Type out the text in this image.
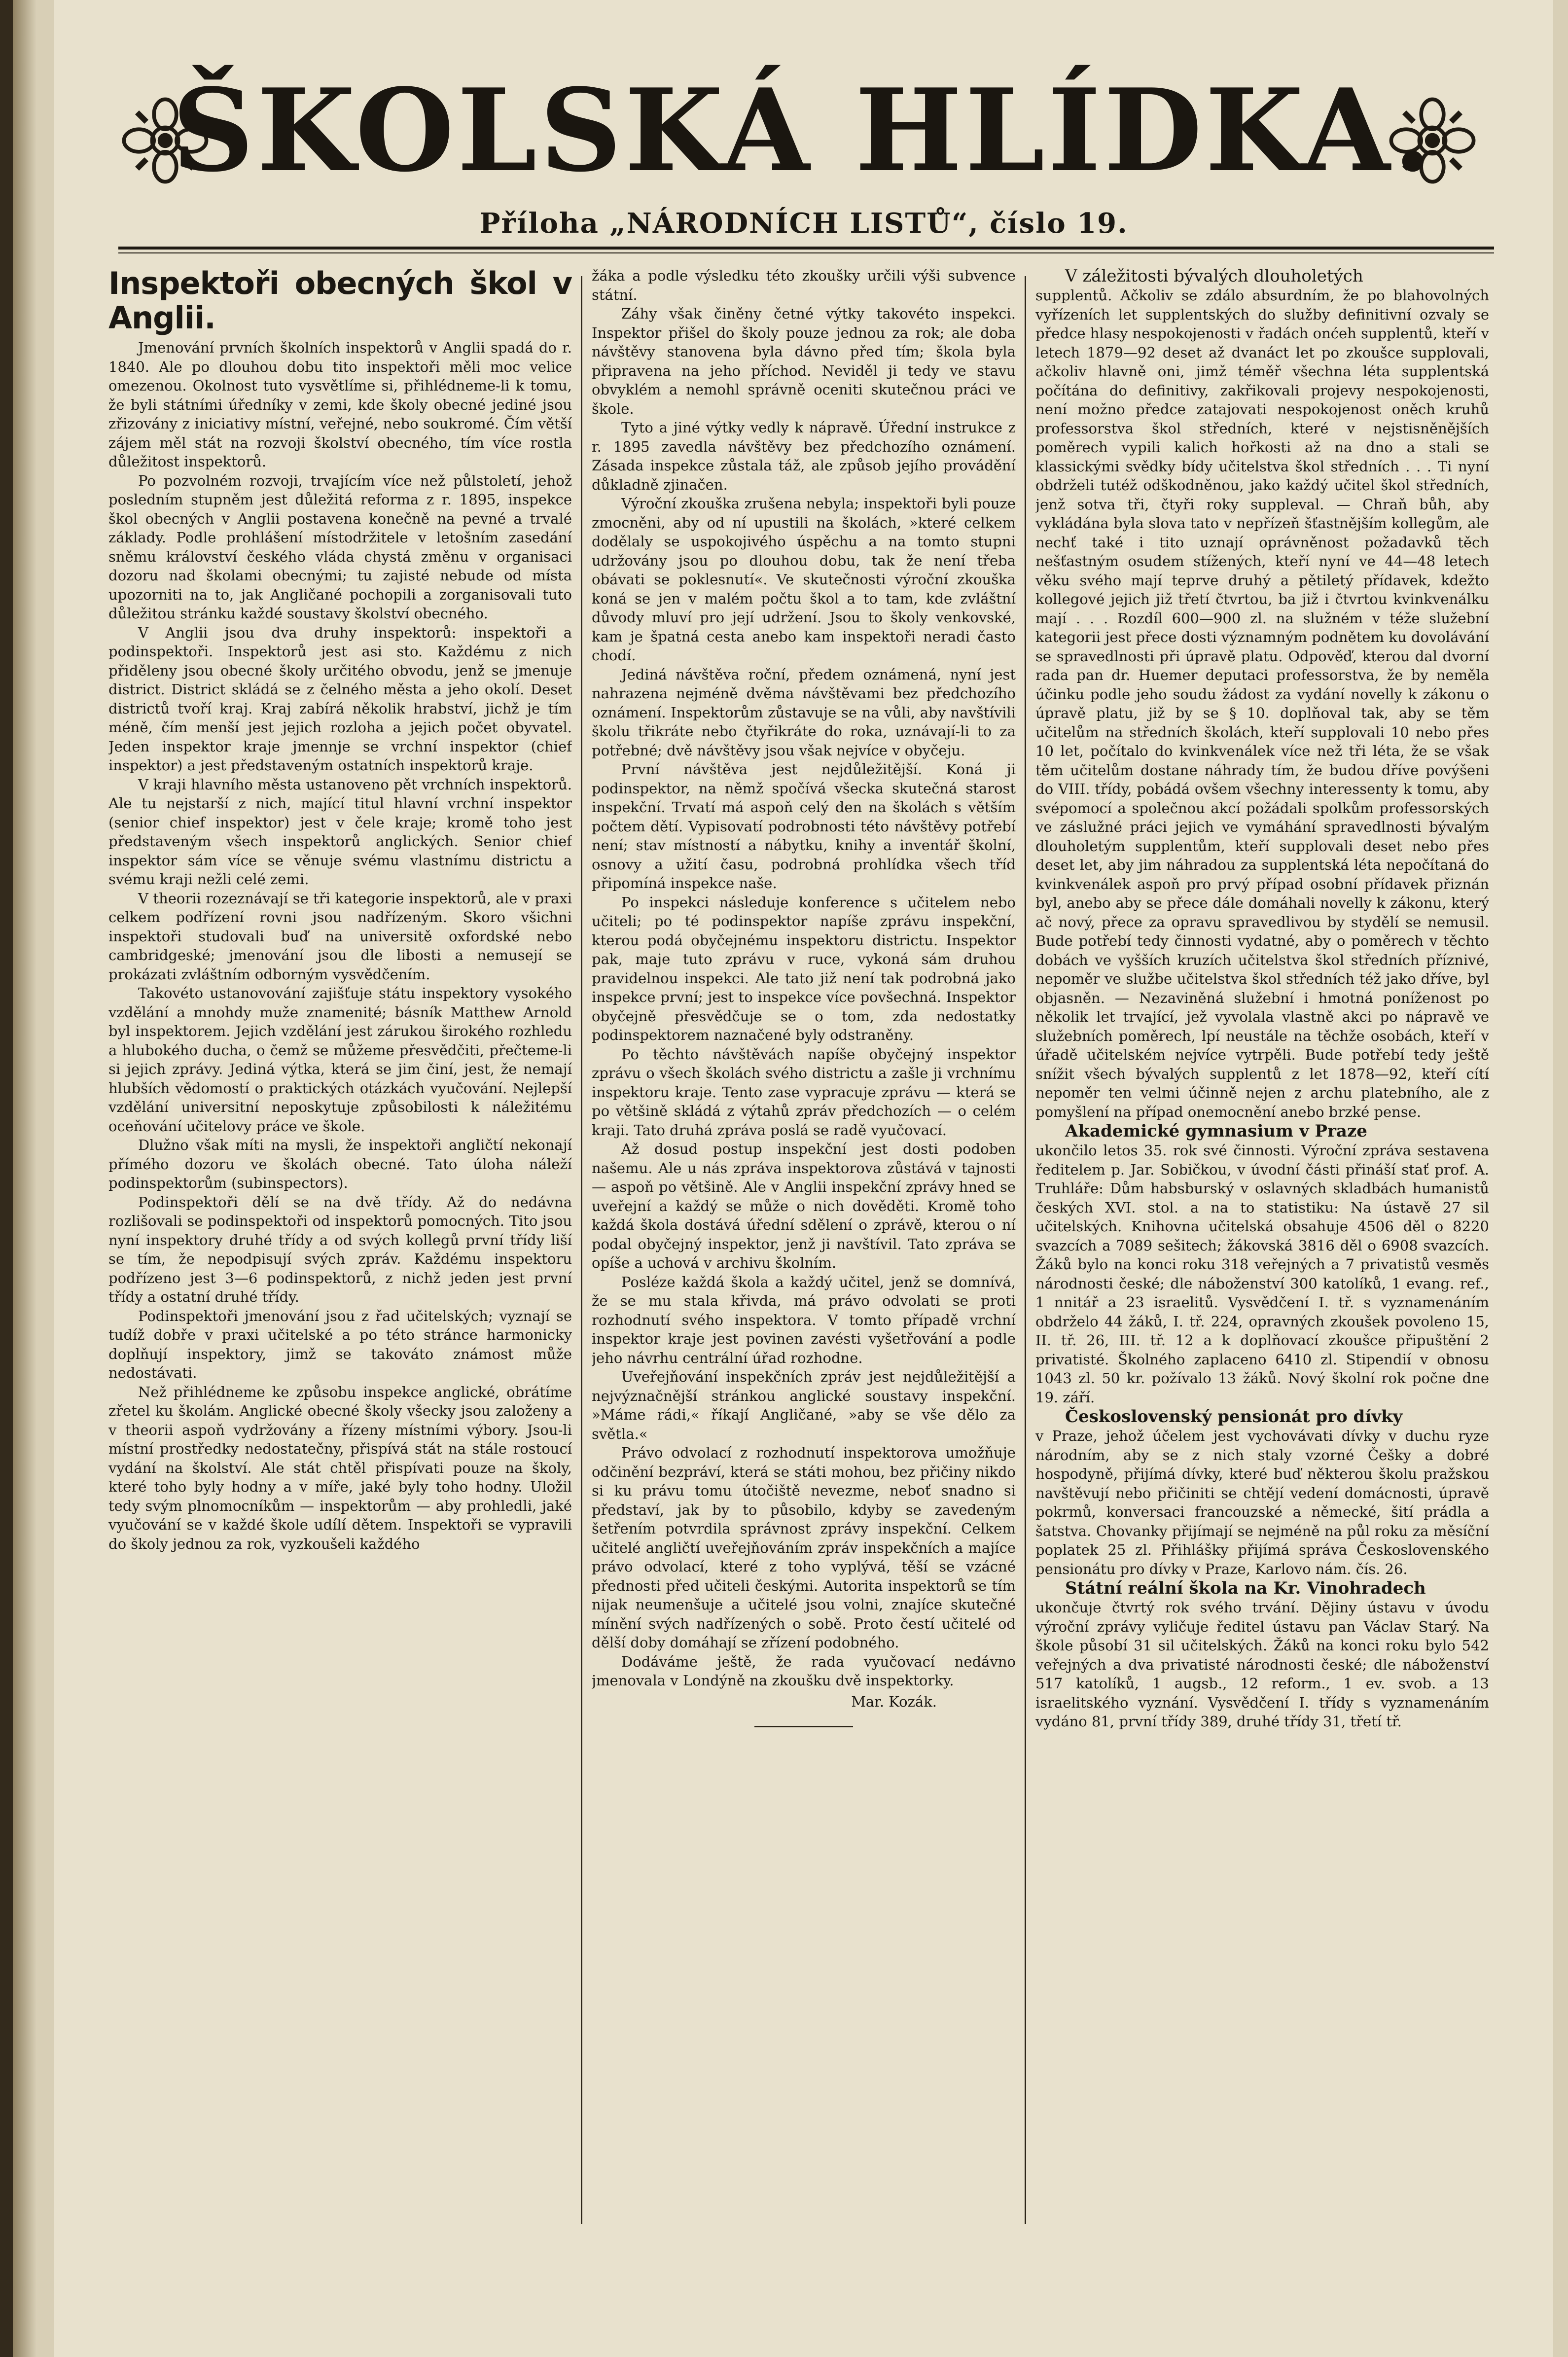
ŠKOLSKÁ HLÍDKA.
Příloha „NÁRODNÍCH LISTŮ“, číslo 19.
Inspektoři obecných škol v Anglii.

Jmenování prvních školních inspektorů v Anglii spadá do r. 1840. Ale po dlouhou dobu tito inspektoři měli moc velice omezenou. Okolnost tuto vysvětlíme si, přihlédneme-li k tomu, že byli státními úředníky v zemi, kde školy obecné jediné jsou zřizovány z iniciativy místní, veřejné, nebo soukromé. Čím větší zájem měl stát na rozvoji školství obecného, tím více rostla důležitost inspektorů.

Po pozvolném rozvoji, trvajícím více než půlstoletí, jehož posledním stupněm jest důležitá reforma z r. 1895, inspekce škol obecných v Anglii postavena konečně na pevné a trvalé základy. Podle prohlášení místodržitele v letošním zasedání sněmu království českého vláda chystá změnu v organisaci dozoru nad školami obecnými; tu zajisté nebude od místa upozorniti na to, jak Angličané pochopili a zorganisovali tuto důležitou stránku každé soustavy školství obecného.

V Anglii jsou dva druhy inspektorů: inspektoři a podinspektoři. Inspektorů jest asi sto. Každému z nich přiděleny jsou obecné školy určitého obvodu, jenž se jmenuje district. District skládá se z čelného města a jeho okolí. Deset districtů tvoří kraj. Kraj zabírá několik hrabství, jichž je tím méně, čím menší jest jejich rozloha a jejich počet obyvatel. Jeden inspektor kraje jmennje se vrchní inspektor (chief inspektor) a jest představeným ostatních inspektorů kraje.

V kraji hlavního města ustanoveno pět vrchních inspektorů. Ale tu nejstarší z nich, mající titul hlavní vrchní inspektor (senior chief inspektor) jest v čele kraje; kromě toho jest představeným všech inspektorů anglických. Senior chief inspektor sám více se věnuje svému vlastnímu districtu a svému kraji nežli celé zemi.

V theorii rozeznávají se tři kategorie inspektorů, ale v praxi celkem podřízení rovni jsou nadřízeným. Skoro všichni inspektoři studovali buď na universitě oxfordské nebo cambridgeské; jmenování jsou dle libosti a nemusejí se prokázati zvláštním odborným vysvědčením.

Takovéto ustanovování zajišťuje státu inspektory vysokého vzdělání a mnohdy muže znamenité; básník Matthew Arnold byl inspektorem. Jejich vzdělání jest zárukou širokého rozhledu a hlubokého ducha, o čemž se můžeme přesvědčiti, přečteme-li si jejich zprávy. Jediná výtka, která se jim činí, jest, že nemají hlubších vědomostí o praktických otázkách vyučování. Nejlepší vzdělání universitní neposkytuje způsobilosti k náležitému oceňování učitelovy práce ve škole.

Dlužno však míti na mysli, že inspektoři angličtí nekonají přímého dozoru ve školách obecné. Tato úloha náleží podinspektorům (subinspectors).

Podinspektoři dělí se na dvě třídy. Až do nedávna rozlišovali se podinspektoři od inspektorů pomocných. Tito jsou nyní inspektory druhé třídy a od svých kollegů první třídy liší se tím, že nepodpisují svých zpráv. Každému inspektoru podřízeno jest 3—6 podinspektorů, z nichž jeden jest první třídy a ostatní druhé třídy.

Podinspektoři jmenování jsou z řad učitelských; vyznají se tudíž dobře v praxi učitelské a po této stránce harmonicky doplňují inspektory, jimž se takováto známost může nedostávati.

Než přihlédneme ke způsobu inspekce anglické, obrátíme zřetel ku školám. Anglické obecné školy všecky jsou založeny a v theorii aspoň vydržovány a řízeny místními výbory. Jsou-li místní prostředky nedostatečny, přispívá stát na stále rostoucí vydání na školství. Ale stát chtěl přispívati pouze na školy, které toho byly hodny a v míře, jaké byly toho hodny. Uložil tedy svým plnomocníkům — inspektorům — aby prohledli, jaké vyučování se v každé škole udílí dětem. Inspektoři se vypravili do školy jednou za rok, vyzkoušeli každého

žáka a podle výsledku této zkoušky určili výši subvence státní.

Záhy však činěny četné výtky takovéto inspekci. Inspektor přišel do školy pouze jednou za rok; ale doba návštěvy stanovena byla dávno před tím; škola byla připravena na jeho příchod. Neviděl ji tedy ve stavu obvyklém a nemohl správně oceniti skutečnou práci ve škole.

Tyto a jiné výtky vedly k nápravě. Úřední instrukce z r. 1895 zavedla návštěvy bez předchozího oznámení. Zásada inspekce zůstala táž, ale způsob jejího provádění důkladně zjinačen.

Výroční zkouška zrušena nebyla; inspektoři byli pouze zmocněni, aby od ní upustili na školách, »které celkem dodělaly se uspokojivého úspěchu a na tomto stupni udržovány jsou po dlouhou dobu, tak že není třeba obávati se poklesnutí«. Ve skutečnosti výroční zkouška koná se jen v malém počtu škol a to tam, kde zvláštní důvody mluví pro její udržení. Jsou to školy venkovské, kam je špatná cesta anebo kam inspektoři neradi často chodí.

Jediná návštěva roční, předem oznámená, nyní jest nahrazena nejméně dvěma návštěvami bez předchozího oznámení. Inspektorům zůstavuje se na vůli, aby navštívili školu třikráte nebo čtyřikráte do roka, uznávají-li to za potřebné; dvě návštěvy jsou však nejvíce v obyčeju.

První návštěva jest nejdůležitější. Koná ji podinspektor, na němž spočívá všecka skutečná starost inspekční. Trvatí má aspoň celý den na školách s větším počtem dětí. Vypisovatí podrobnosti této návštěvy potřebí není; stav místností a nábytku, knihy a inventář školní, osnovy a užití času, podrobná prohlídka všech tříd připomíná inspekce naše.

Po inspekci následuje konference s učitelem nebo učiteli; po té podinspektor napíše zprávu inspekční, kterou podá obyčejnému inspektoru districtu. Inspektor pak, maje tuto zprávu v ruce, vykoná sám druhou pravidelnou inspekci. Ale tato již není tak podrobná jako inspekce první; jest to inspekce více povšechná. Inspektor obyčejně přesvědčuje se o tom, zda nedostatky podinspektorem naznačené byly odstraněny.

Po těchto návštěvách napíše obyčejný inspektor zprávu o všech školách svého districtu a zašle ji vrchnímu inspektoru kraje. Tento zase vypracuje zprávu — která se po většině skládá z výtahů zpráv předchozích — o celém kraji. Tato druhá zpráva poslá se radě vyučovací.

Až dosud postup inspekční jest dosti podoben našemu. Ale u nás zpráva inspektorova zůstává v tajnosti — aspoň po většině. Ale v Anglii inspekční zprávy hned se uveřejní a každý se může o nich dověděti. Kromě toho každá škola dostává úřední sdělení o zprávě, kterou o ní podal obyčejný inspektor, jenž ji navštívil. Tato zpráva se opíše a uchová v archivu školním.

Posléze každá škola a každý učitel, jenž se domnívá, že se mu stala křivda, má právo odvolati se proti rozhodnutí svého inspektora. V tomto případě vrchní inspektor kraje jest povinen zavésti vyšetřování a podle jeho návrhu centrální úřad rozhodne.

Uveřejňování inspekčních zpráv jest nejdůležitější a nejvýznačnější stránkou anglické soustavy inspekční. »Máme rádi,« říkají Angličané, »aby se vše dělo za světla.«

Právo odvolací z rozhodnutí inspektorova umožňuje odčinění bezpráví, která se státi mohou, bez přičiny nikdo si ku právu tomu útočiště nevezme, neboť snadno si představí, jak by to působilo, kdyby se zavedeným šetřením potvrdila správnost zprávy inspekční. Celkem učitelé angličtí uveřejňováním zpráv inspekčních a majíce právo odvolací, které z toho vyplývá, těší se vzácné přednosti před učiteli českými. Autorita inspektorů se tím nijak neumenšuje a učitelé jsou volni, znajíce skutečné mínění svých nadřízených o sobě. Proto čestí učitelé od dělší doby domáhají se zřízení podobného.

Dodáváme ještě, že rada vyučovací nedávno jmenovala v Londýně na zkoušku dvě inspektorky.

Mar. Kozák.

V záležitosti bývalých dlouholetých

supplentů. Ačkoliv se zdálo absurdním, že po blahovolných vyřízeních let supplentských do služby definitivní ozvaly se předce hlasy nespokojenosti v řadách onćeh supplentů, kteří v letech 1879—92 deset až dvanáct let po zkoušce supplovali, ačkoliv hlavně oni, jimž téměř všechna léta supplentská počítána do definitivy, zakřikovali projevy nespokojenosti, není možno předce zatajovati nespokojenost oněch kruhů professorstva škol středních, které v nejstisněnějších poměrech vypili kalich hořkosti až na dno a stali se klassickými svědky bídy učitelstva škol středních . . . Ti nyní obdrželi tutéž odškodněnou, jako každý učitel škol středních, jenž sotva tři, čtyři roky suppleval. — Chraň bůh, aby vykládána byla slova tato v nepřízeň šťastnějším kollegům, ale nechť také i tito uznají oprávněnost požadavků těch nešťastným osudem stížených, kteří nyní ve 44—48 letech věku svého mají teprve druhý a pětiletý přídavek, kdežto kollegové jejich již třetí čtvrtou, ba již i čtvrtou kvinkvenálku mají . . . Rozdíl 600—900 zl. na služném v téže služební kategorii jest přece dosti významným podnětem ku dovolávání se spravedlnosti při úpravě platu. Odpověď, kterou dal dvorní rada pan dr. Huemer deputaci professorstva, že by neměla účinku podle jeho soudu žádost za vydání novelly k zákonu o úpravě platu, již by se § 10. doplňoval tak, aby se těm učitelům na středních školách, kteří supplovali 10 nebo přes 10 let, počítalo do kvinkvenálek více než tři léta, že se však těm učitelům dostane náhrady tím, že budou dříve povýšeni do VIII. třídy, pobádá ovšem všechny interessenty k tomu, aby svépomocí a společnou akcí požádali spolkům professorských ve záslužné práci jejich ve vymáhání spravedlnosti bývalým dlouholetým supplentům, kteří supplovali deset nebo přes deset let, aby jim náhradou za supplentská léta nepočítaná do kvinkvenálek aspoň pro prvý případ osobní přídavek přiznán byl, anebo aby se přece dále domáhali novelly k zákonu, který ač nový, přece za opravu spravedlivou by stydělí se nemusil. Bude potřebí tedy činnosti vydatné, aby o poměrech v těchto dobách ve vyšších kruzích učitelstva škol středních příznivé, nepoměr ve službe učitelstva škol středních též jako dříve, byl objasněn. — Nezaviněná služební i hmotná poníženost po několik let trvající, jež vyvolala vlastně akci po nápravě ve služebních poměrech, lpí neustále na těchže osobách, kteří v úřadě učitelském nejvíce vytrpěli. Bude potřebí tedy ještě snížit všech bývalých supplentů z let 1878—92, kteří cítí nepoměr ten velmi účinně nejen z archu platebního, ale z pomyšlení na případ onemocnění anebo brzké pense.

Akademické gymnasium v Praze

ukončilo letos 35. rok své činnosti. Výroční zpráva sestavena ředitelem p. Jar. Sobičkou, v úvodní části přináší stať prof. A. Truhláře: Dům habsburský v oslavných skladbách humanistů českých XVI. stol. a na to statistiku: Na ústavě 27 sil učitelských. Knihovna učitelská obsahuje 4506 děl o 8220 svazcích a 7089 sešitech; žákovská 3816 děl o 6908 svazcích. Žáků bylo na konci roku 318 veřejných a 7 privatistů vesměs národnosti české; dle náboženství 300 katolíků, 1 evang. ref., 1 nnitář a 23 israelitů. Vysvědčení I. tř. s vyznamenáním obdrželo 44 žáků, I. tř. 224, opravných zkoušek povoleno 15, II. tř. 26, III. tř. 12 a k doplňovací zkoušce připuštění 2 privatisté. Školného zaplaceno 6410 zl. Stipendií v obnosu 1043 zl. 50 kr. požívalo 13 žáků. Nový školní rok počne dne 19. září.

Československý pensionát pro dívky

v Praze, jehož účelem jest vychovávati dívky v duchu ryze národním, aby se z nich staly vzorné Češky a dobré hospodyně, přijímá dívky, které buď některou školu pražskou navštěvují nebo přičiniti se chtějí vedení domácnosti, úpravě pokrmů, konversaci francouzské a německé, šití prádla a šatstva. Chovanky přijímají se nejméně na půl roku za měsíční poplatek 25 zl. Přihlášky přijímá správa Československého pensionátu pro dívky v Praze, Karlovo nám. čís. 26.

Státní reální škola na Kr. Vinohradech

ukončuje čtvrtý rok svého trvání. Dějiny ústavu v úvodu výroční zprávy vyličuje ředitel ústavu pan Václav Starý. Na škole působí 31 sil učitelských. Žáků na konci roku bylo 542 veřejných a dva privatisté národnosti české; dle náboženství 517 katolíků, 1 augsb., 12 reform., 1 ev. svob. a 13 israelitského vyznání. Vysvědčení I. třídy s vyznamenáním vydáno 81, první třídy 389, druhé třídy 31, třetí tř.
